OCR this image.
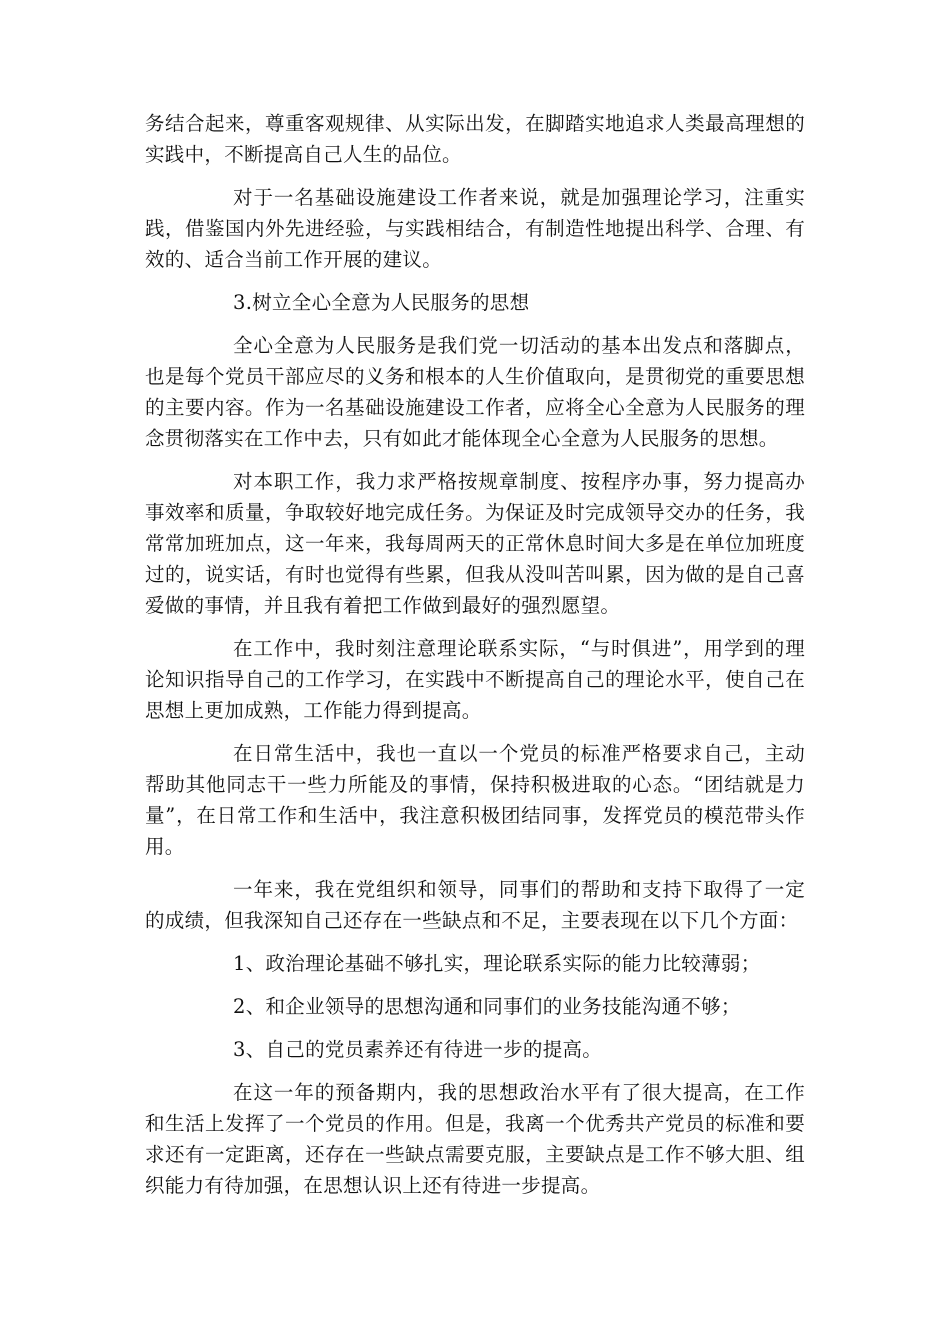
务结合起来，尊重客观规律、从实际出发，在脚踏实地追求人类最高理想的实践中，不断提高自己人生的品位。

对于一名基础设施建设工作者来说，就是加强理论学习，注重实践，借鉴国内外先进经验，与实践相结合，有制造性地提出科学、合理、有效的、适合当前工作开展的建议。

3.树立全心全意为人民服务的思想

全心全意为人民服务是我们党一切活动的基本出发点和落脚点，也是每个党员干部应尽的义务和根本的人生价值取向，是贯彻党的重要思想的主要内容。作为一名基础设施建设工作者，应将全心全意为人民服务的理念贯彻落实在工作中去，只有如此才能体现全心全意为人民服务的思想。

对本职工作，我力求严格按规章制度、按程序办事，努力提高办事效率和质量，争取较好地完成任务。为保证及时完成领导交办的任务，我常常加班加点，这一年来，我每周两天的正常休息时间大多是在单位加班度过的，说实话，有时也觉得有些累，但我从没叫苦叫累，因为做的是自己喜爱做的事情，并且我有着把工作做到最好的强烈愿望。

在工作中，我时刻注意理论联系实际，“与时俱进”，用学到的理论知识指导自己的工作学习，在实践中不断提高自己的理论水平，使自己在思想上更加成熟，工作能力得到提高。

在日常生活中，我也一直以一个党员的标准严格要求自己，主动帮助其他同志干一些力所能及的事情，保持积极进取的心态。“团结就是力量”，在日常工作和生活中，我注意积极团结同事，发挥党员的模范带头作用。

一年来，我在党组织和领导，同事们的帮助和支持下取得了一定的成绩，但我深知自己还存在一些缺点和不足，主要表现在以下几个方面：

1、政治理论基础不够扎实，理论联系实际的能力比较薄弱；

2、和企业领导的思想沟通和同事们的业务技能沟通不够；

3、自己的党员素养还有待进一步的提高。

在这一年的预备期内，我的思想政治水平有了很大提高，在工作和生活上发挥了一个党员的作用。但是，我离一个优秀共产党员的标准和要求还有一定距离，还存在一些缺点需要克服，主要缺点是工作不够大胆、组织能力有待加强，在思想认识上还有待进一步提高。
